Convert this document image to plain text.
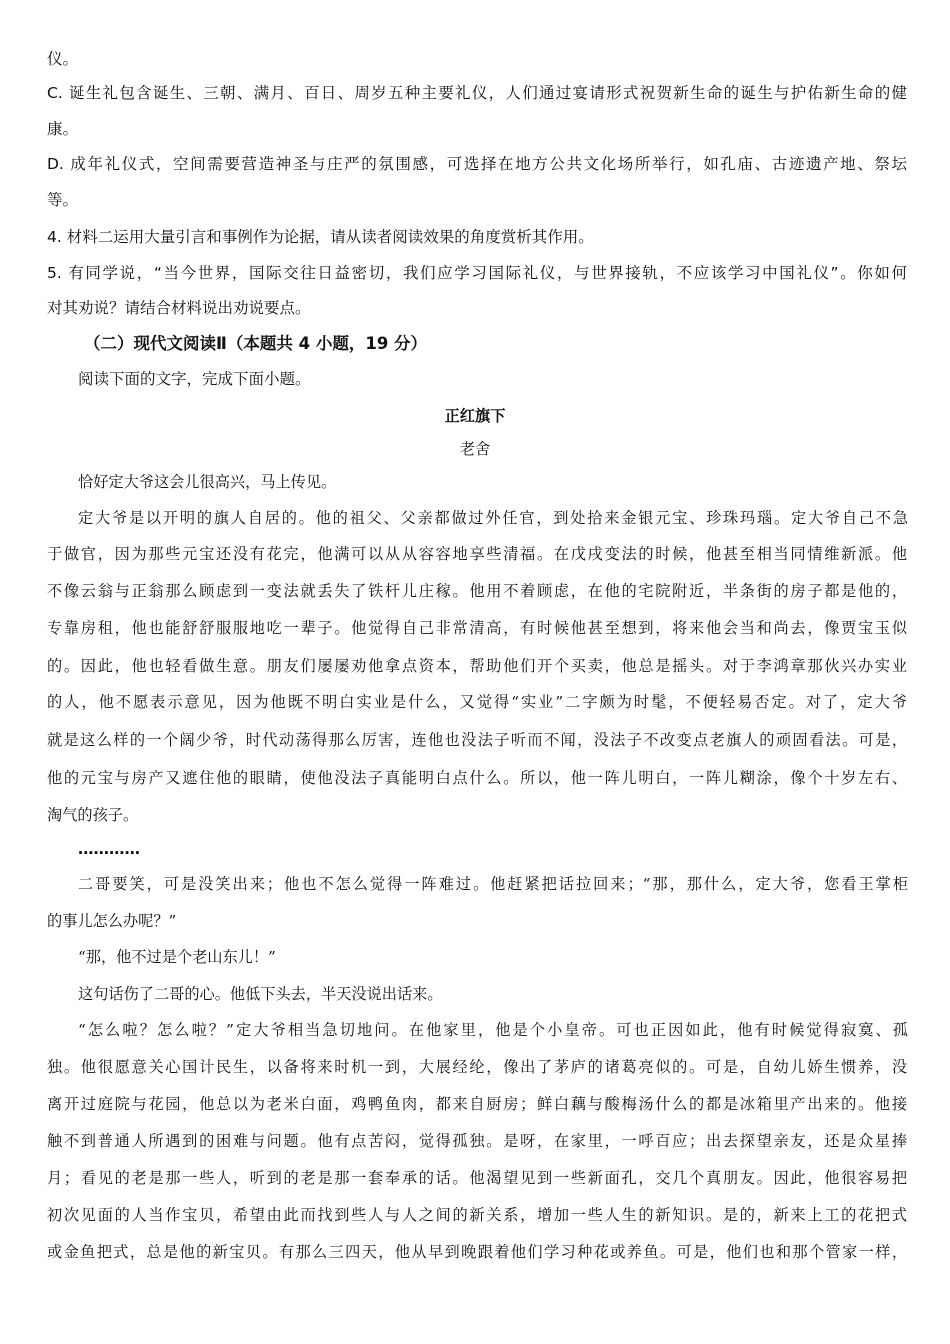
仪。
C. 诞生礼包含诞生、三朝、满月、百日、周岁五种主要礼仪，人们通过宴请形式祝贺新生命的诞生与护佑新生命的健
康。
D. 成年礼仪式，空间需要营造神圣与庄严的氛围感，可选择在地方公共文化场所举行，如孔庙、古迹遗产地、祭坛
等。
4. 材料二运用大量引言和事例作为论据，请从读者阅读效果的角度赏析其作用。
5. 有同学说，“当今世界，国际交往日益密切，我们应学习国际礼仪，与世界接轨，不应该学习中国礼仪”。你如何
对其劝说？请结合材料说出劝说要点。
（二）现代文阅读Ⅱ（本题共 4 小题，19 分）
阅读下面的文字，完成下面小题。
正红旗下
老舍
恰好定大爷这会儿很高兴，马上传见。
定大爷是以开明的旗人自居的。他的祖父、父亲都做过外任官，到处拾来金银元宝、珍珠玛瑙。定大爷自己不急
于做官，因为那些元宝还没有花完，他满可以从从容容地享些清福。在戊戌变法的时候，他甚至相当同情维新派。他
不像云翁与正翁那么顾虑到一变法就丢失了铁杆儿庄稼。他用不着顾虑，在他的宅院附近，半条街的房子都是他的，
专靠房租，他也能舒舒服服地吃一辈子。他觉得自己非常清高，有时候他甚至想到，将来他会当和尚去，像贾宝玉似
的。因此，他也轻看做生意。朋友们屡屡劝他拿点资本，帮助他们开个买卖，他总是摇头。对于李鸿章那伙兴办实业
的人，他不愿表示意见，因为他既不明白实业是什么，又觉得“实业”二字颇为时髦，不便轻易否定。对了，定大爷
就是这么样的一个阔少爷，时代动荡得那么厉害，连他也没法子听而不闻，没法子不改变点老旗人的顽固看法。可是，
他的元宝与房产又遮住他的眼睛，使他没法子真能明白点什么。所以，他一阵儿明白，一阵儿糊涂，像个十岁左右、
淘气的孩子。
…………
二哥要笑，可是没笑出来；他也不怎么觉得一阵难过。他赶紧把话拉回来；“那，那什么，定大爷，您看王掌柜
的事儿怎么办呢？”
“那，他不过是个老山东儿！”
这句话伤了二哥的心。他低下头去，半天没说出话来。
“怎么啦？怎么啦？”定大爷相当急切地问。在他家里，他是个小皇帝。可也正因如此，他有时候觉得寂寞、孤
独。他很愿意关心国计民生，以备将来时机一到，大展经纶，像出了茅庐的诸葛亮似的。可是，自幼儿娇生惯养，没
离开过庭院与花园，他总以为老米白面，鸡鸭鱼肉，都来自厨房；鲜白藕与酸梅汤什么的都是冰箱里产出来的。他接
触不到普通人所遇到的困难与问题。他有点苦闷，觉得孤独。是呀，在家里，一呼百应；出去探望亲友，还是众星捧
月；看见的老是那一些人，听到的老是那一套奉承的话。他渴望见到一些新面孔，交几个真朋友。因此，他很容易把
初次见面的人当作宝贝，希望由此而找到些人与人之间的新关系，增加一些人生的新知识。是的，新来上工的花把式
或金鱼把式，总是他的新宝贝。有那么三四天，他从早到晚跟着他们学习种花或养鱼。可是，他们也和那个管家一样，
